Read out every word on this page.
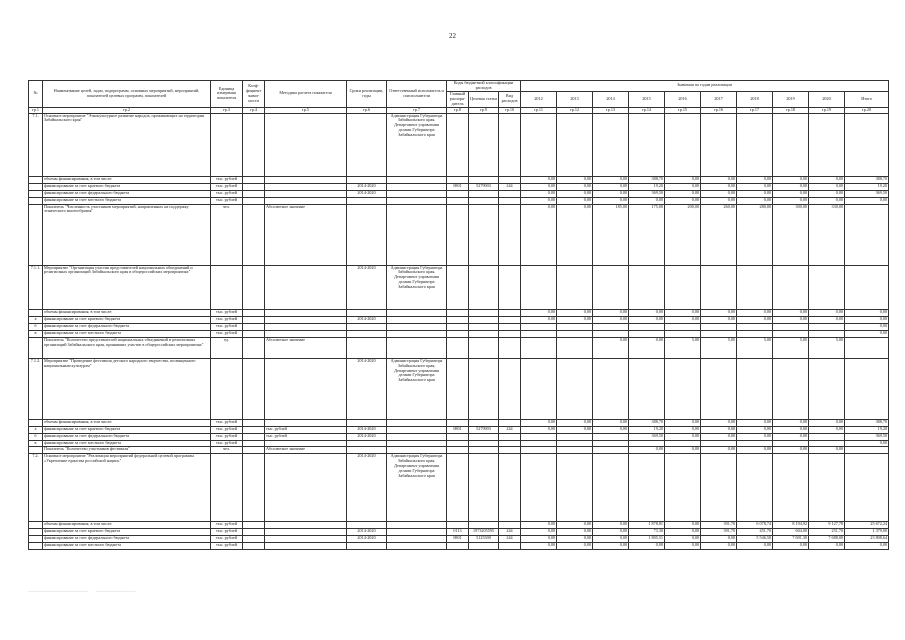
22
№	Наименование целей, задач, подпрограмм, основных мероприятий, мероприятий, показателей целевых программ, показателей	Единица измерения показателя	Коэф-фициент значи-мости	Методика расчета показателя	Сроки реализации, годы	Ответственный исполнитель и соисполнители	Коды бюджетной классификации расходов			Значения по годам реализации									
							Главный распоря-дитель	Целевая статья	Вид расходов	2012	2013	2014	2015	2016	2017	2018	2019	2020	Итого
гр.1	гр.2	гр.3	гр.4	гр.5	гр.6	гр.7	гр.8	гр.9	гр.10	гр.11	гр.12	гр.13	гр.14	гр.15	гр.16	гр.17	гр.18	гр.19	гр.20
7.1.	Основное мероприятие "Этнокультурное развитие народов, проживающих на территории Забайкальского края"					Администрация Губернатора Забайкальского края, Департамент управления делами Губернатора Забайкальского края													
	объемы финансирования, в том числе:	тыс. рублей								0,00	0,00	0,00	388,70	0,00	0,00	0,00	0,00	0,00	388,70
	финансирование за счет краевого бюджета	тыс. рублей			2014-2020		0801	5279903	244	0,00	0,00	0,00	19,20	0,00	0,00	0,00	0,00	0,00	19,20
	финансирование за счет федерального бюджета	тыс. рублей			2014-2020					0,00	0,00	0,00	369,50	0,00	0,00	0,00	0,00	0,00	369,50
	финансирование за счет местного бюджета	тыс. рублей								0,00	0,00	0,00	0,00	0,00	0,00	0,00	0,00	0,00	0,00
	Показатель "Численность участников мероприятий, направленных на поддержку этнического многообразия"	чел.		Абсолютное значение						0,00	0,00	185,00	175,00	200,00	260,00	280,00	300,00	330,00	
7.1.1.	Мероприятие "Организация участия представителей национальных объединений и религиозных организаций Забайкальского края в общероссийских мероприятиях"				2014-2020	Администрация Губернатора Забайкальского края, Департамент управления делами Губернатора Забайкальского края													
	объемы финансирования, в том числе:	тыс. рублей								0,00	0,00	0,00	0,00	0,00	0,00	0,00	0,00	0,00	0,00
а	финансирование за счет краевого бюджета	тыс. рублей			2014-2020					0,00	0,00	0,00	0,00	0,00	0,00	0,00	0,00	0,00	0,00
б	финансирование за счет федерального бюджета	тыс. рублей																	0,00
в	финансирование за счет местного бюджета	тыс. рублей																	0,00
	Показатель "Количество представителей национальных объединений и религиозных организаций Забайкальского края, принявших участие в общероссийских мероприятиях"	ед.		Абсолютное значение								0,00	0,00	5,00	5,00	5,00	5,00	5,00	
7.1.2.	Мероприятие "Проведение фестиваля детского народного творчества, посвященного национальным культурам"				2014-2020	Администрация Губернатора Забайкальского края, Департамент управления делами Губернатора Забайкальского края													
	объемы финансирования, в том числе:	тыс. рублей								0,00	0,00	0,00	388,70	0,00	0,00	0,00	0,00	0,00	388,70
а	финансирование за счет краевого бюджета	тыс. рублей		тыс. рублей	2014-2020		0801	5279903	244	0,00	0,00	0,00	19,20	0,00	0,00	0,00	0,00	0,00	19,20
б	финансирование за счет федерального бюджета	тыс. рублей		тыс. рублей	2014-2020								369,50	0,00	0,00	0,00	0,00		369,50
в	финансирование за счет местного бюджета	тыс. рублей																	0,00
	Показатель "Количество участников фестиваля"	чел.		Абсолютное значение									0,00	0,00	0,00	0,00	0,00	0,00	
7.2.	Основное мероприятие "Реализация мероприятий федеральной целевой программы «Укрепление единства российской нации»"				2014-2020	Администрация Губернатора Забайкальского края, Департамент управления делами Губернатора Забайкальского края													
	объемы финансирования, в том числе:	тыс. рублей								0,00	0,00	0,00	1 878,81	0,00	391,70	6 078,74	8 194,92	9 127,78	25 672,24
	финансирование за счет краевого бюджета	тыс. рублей			2014-2020		0113	1973205595	244	0,00	0,00	0,00	73,30	0,00	391,70	451,70	604,00	251,70	1 379,00
	финансирование за счет федерального бюджета	тыс. рублей			2014-2020		0801	5125300	244	0,00	0,00	0,00	1 805,51	0,00	0,00	5 546,50	7 691,30	7 688,00	23 808,64
	финансирование за счет местного бюджета	тыс. рублей								0,00	0,00	0,00	0,00	0,00	0,00	0,00	0,00	0,00	0,00
________________________      ________________
